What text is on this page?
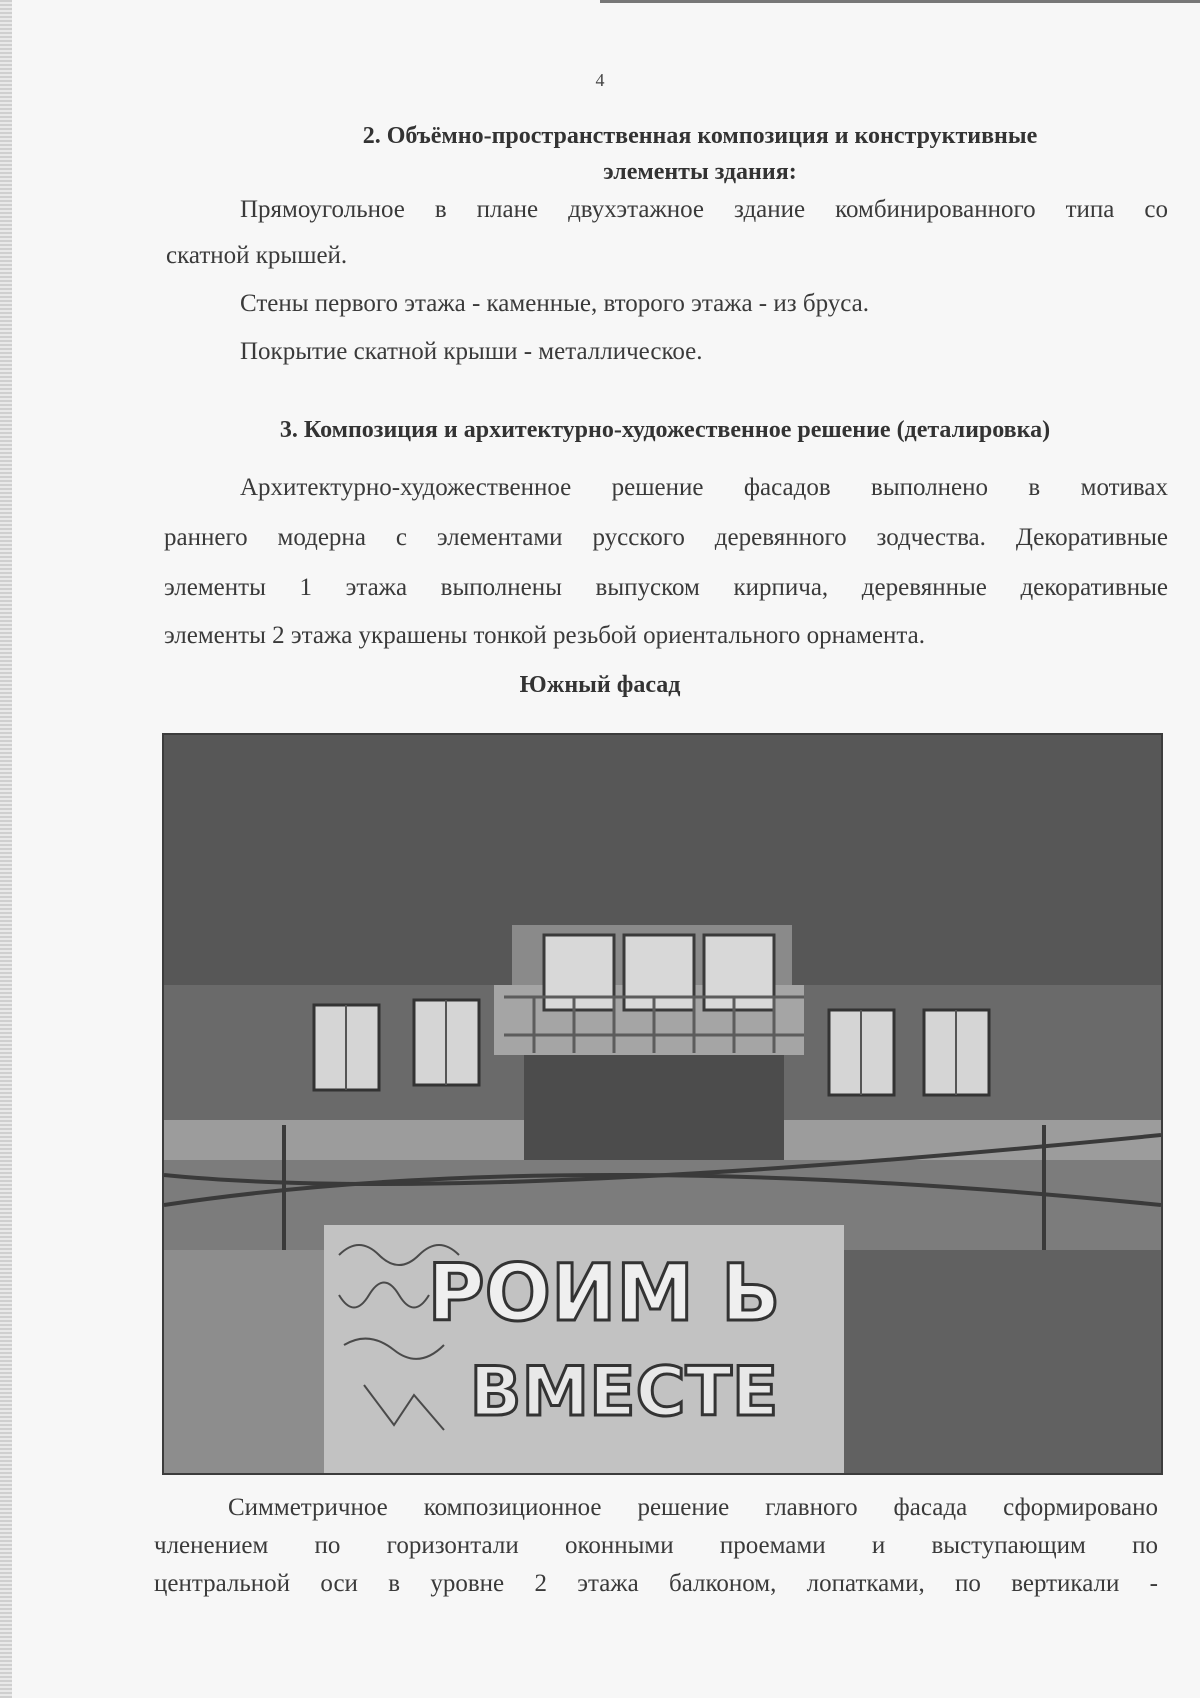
4
2. Объёмно-пространственная композиция и конструктивные
элементы здания:
Прямоугольное в плане двухэтажное здание комбинированного типа со
скатной крышей.
Стены первого этажа - каменные, второго этажа - из бруса.
Покрытие скатной крыши - металлическое.
3. Композиция и архитектурно-художественное решение (деталировка)
Архитектурно-художественное решение фасадов выполнено в мотивах
раннего модерна с элементами русского деревянного зодчества. Декоративные
элементы 1 этажа выполнены выпуском кирпича, деревянные декоративные
элементы 2 этажа украшены тонкой резьбой ориентального орнамента.
Южный фасад
PОИМ Ь
ВМЕСТЕ
Симметричное композиционное решение главного фасада сформировано
членением по горизонтали оконными проемами и выступающим по
центральной оси в уровне 2 этажа балконом, лопатками, по вертикали -
